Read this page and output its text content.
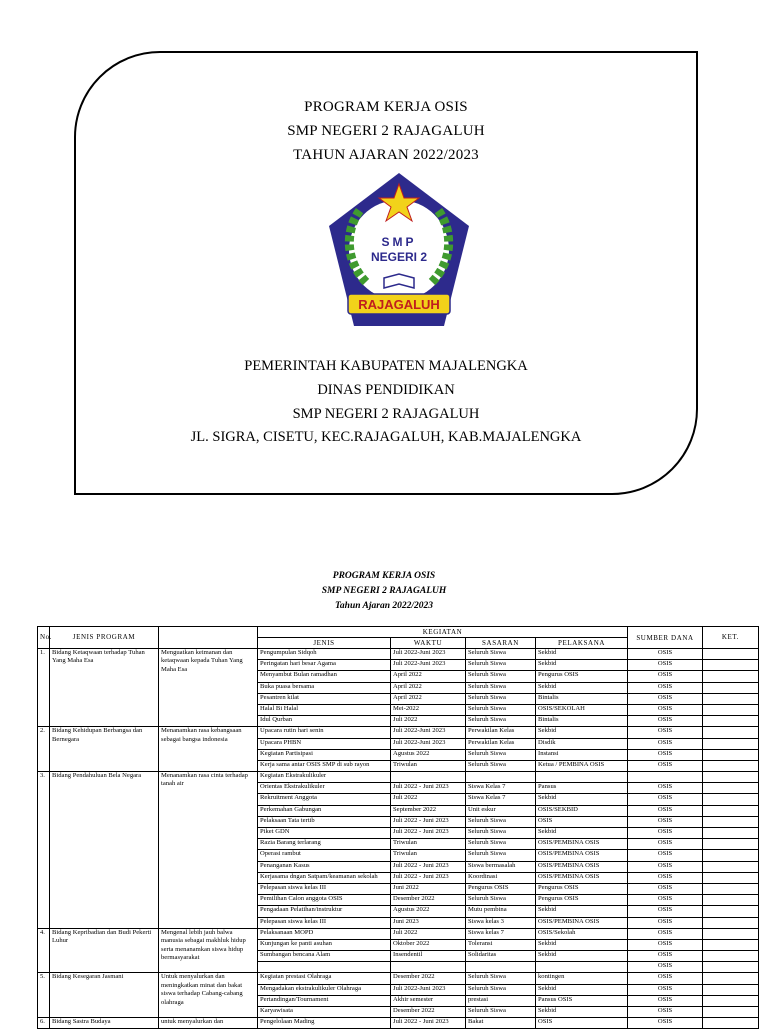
PROGRAM KERJA OSIS
SMP NEGERI 2 RAJAGALUH
TAHUN AJARAN 2022/2023
SMP
NEGERI 2
RAJAGALUH
PEMERINTAH KABUPATEN MAJALENGKA
DINAS PENDIDIKAN
SMP NEGERI 2 RAJAGALUH
JL. SIGRA, CISETU, KEC.RAJAGALUH, KAB.MAJALENGKA
PROGRAM KERJA OSIS
SMP NEGERI 2 RAJAGALUH
Tahun Ajaran 2022/2023
No.	JENIS PROGRAM		KEGIATAN				SUMBER DANA	KET.
			JENIS	WAKTU	SASARAN	PELAKSANA		
1.	Bidang Ketaqwaan terhadap Tuhan Yang Maha Esa	Menguatkan keimanan dan ketaqwaan kepada Tuhan Yang Maha Esa	Pengumpulan Sidqoh	Juli 2022-Juni 2023	Seluruh Siswa	Sekbid	OSIS	
			Peringatan hari besar Agama	Juli 2022-Juni 2023	Seluruh Siswa	Sekbid	OSIS	
			Menyambut Bulan ramadhan	April 2022	Seluruh Siswa	Pengurus OSIS	OSIS	
			Buka puasa bersama	April 2022	Seluruh Siswa	Sekbid	OSIS	
			Pesantren kilat	April 2022	Seluruh Siswa	Bintalis	OSIS	
			Halal Bi Halal	Mei-2022	Seluruh Siswa	OSIS/SEKOLAH	OSIS	
			Idul Qurban	Juli 2022	Seluruh Siswa	Bintalis	OSIS	
2.	Bidang Kehidupan Berbangsa dan Bernegara	Menanamkan rasa kebangsaan sebagai bangsa indonesia	Upacara rutin hari senin	Juli 2022-Juni 2023	Perwakilan Kelas	Sekbid	OSIS	
			Upacara PHBN	Juli 2022-Juni 2023	Perwakilan Kelas	Disdik	OSIS	
			Kegiatan Partisipasi	Agustus 2022	Seluruh Siswa	Instansi	OSIS	
			Kerja sama antar OSIS SMP di sub rayon	Triwulan	Seluruh Siswa	Ketua / PEMBINA OSIS	OSIS	
3.	Bidang Pendahuluan Bela Negara	Menanamkan rasa cinta terhadap tanah air	Kegiatan Ekstrakulikuler					
			Orientas Ekstrakulikuler	Juli 2022 - Juni 2023	Siswa Kelas 7	Pansus	OSIS	
			Rekruitment Anggota	Juli 2022	Siswa Kelas 7	Sekbid	OSIS	
			Perkemahan Gabungan	September 2022	Unit eskur	OSIS/SEKBID	OSIS	
			Pelaksaan Tata tertib	Juli 2022 - Juni 2023	Seluruh Siswa	OSIS	OSIS	
			Piket GDN	Juli 2022 - Juni 2023	Seluruh Siswa	Sekbid	OSIS	
			Razia Barang terlarang	Triwulan	Seluruh Siswa	OSIS/PEMBINA OSIS	OSIS	
			Operasi rambut	Triwulan	Seluruh Siswa	OSIS/PEMBINA OSIS	OSIS	
			Penanganan Kasus	Juli 2022 - Juni 2023	Siswa bermasalah	OSIS/PEMBINA OSIS	OSIS	
			Kerjasama dngan Satpam/keamanan sekolah	Juli 2022 - Juni 2023	Koordinasi	OSIS/PEMBINA OSIS	OSIS	
			Pelepasan siswa kelas III	Juni 2022	Pengurus OSIS	Pengurus OSIS	OSIS	
			Pemilihan Calon anggota OSIS	Desember 2022	Seluruh Siswa	Pengurus OSIS	OSIS	
			Pengadaan Pelatihan/instruktur	Agustus 2022	Mutu pembina	Sekbid	OSIS	
			Pelepasan siswa kelas III	Juni 2023	Siswa kelas 3	OSIS/PEMBINA OSIS	OSIS	
4.	Bidang Kepribadian dan Budi Pekerti Luhur	Mengenal lebih jauh balwa manusia sebagai makhluk hidup serta menanamkan siswa hidup bermasyarakat	Pelaksanaan MOPD	Juli 2022	Siswa kelas 7	OSIS/Sekolah	OSIS	
			Kunjungan ke panti asuhan	Oktober 2022	Toleransi	Sekbid	OSIS	
			Sumbangan bencana Alam	Insendentil	Solidaritas	Sekbid	OSIS	
							OSIS	
5.	Bidang Kesegaran Jasmani	Untuk menyalurkan dan meningkatkan minat dan bakat siswa terhadap Cabang-cabang olahraga	Kegiatan prestasi Olahraga	Desember 2022	Seluruh Siswa	kontingen	OSIS	
			Mengadakan ekstrakulikuler Olahraga	Juli 2022-Juni 2023	Seluruh Siswa	Sekbid	OSIS	
			Pertandingan/Tournament	Akhir semester	prestasi	Pansus OSIS	OSIS	
			Karyawisata	Desember 2022	Seluruh Siswa	Sekbid	OSIS	
6.	Bidang Sastra Budaya	untuk menyalurkan dan	Pengelolaan Mading	Juli 2022 - Juni 2023	Bakat	OSIS	OSIS	
